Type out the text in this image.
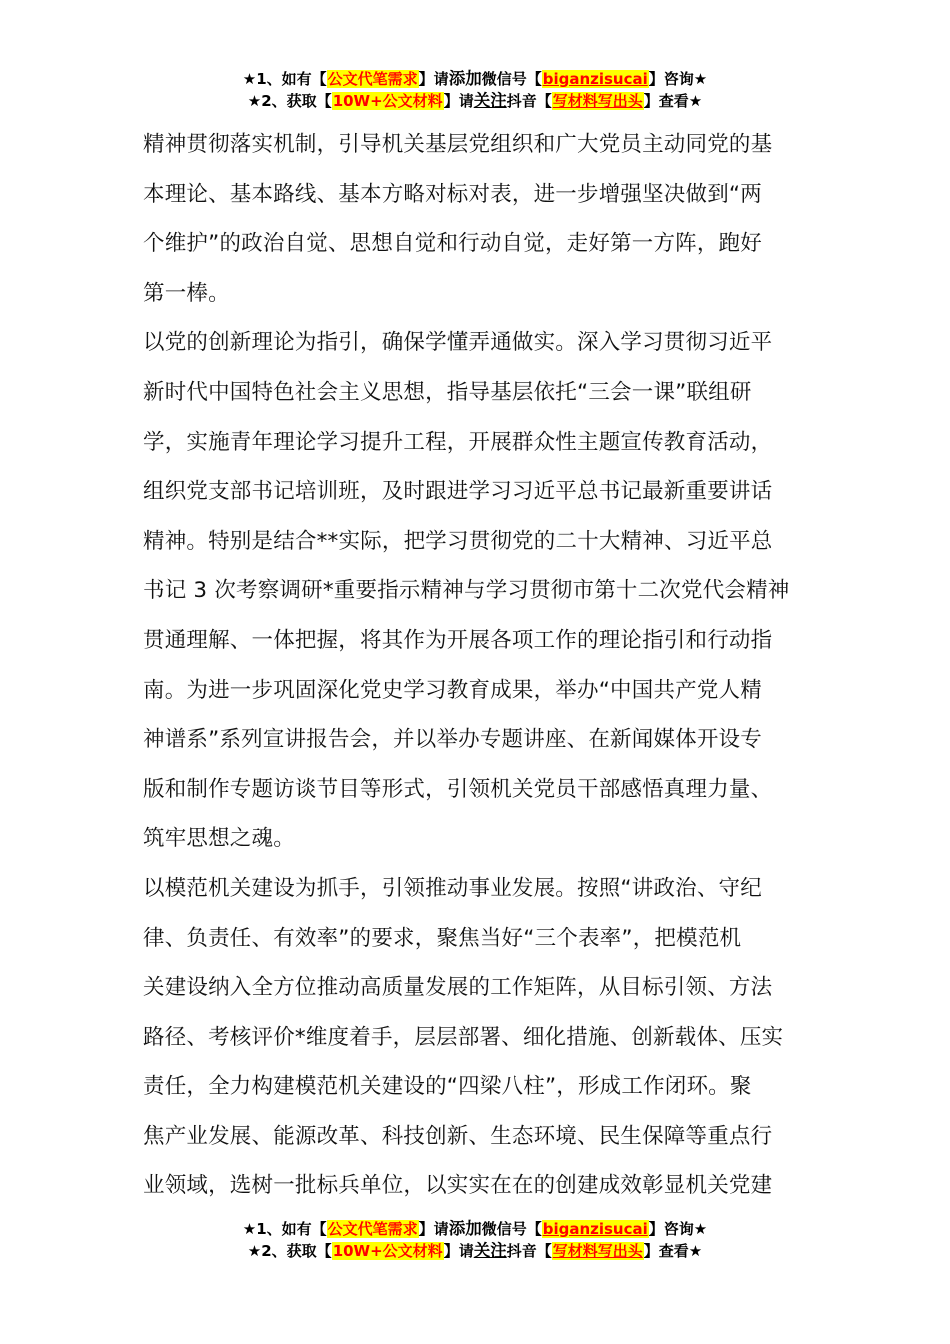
★1、如有【公文代笔需求】请添加微信号【biganzisucai】咨询★
★2、获取【10W+公文材料】请关注抖音【写材料写出头】查看★
精神贯彻落实机制，引导机关基层党组织和广大党员主动同党的基
本理论、基本路线、基本方略对标对表，进一步增强坚决做到“两
个维护”的政治自觉、思想自觉和行动自觉，走好第一方阵，跑好
第一棒。
以党的创新理论为指引，确保学懂弄通做实。深入学习贯彻习近平
新时代中国特色社会主义思想，指导基层依托“三会一课”联组研
学，实施青年理论学习提升工程，开展群众性主题宣传教育活动，
组织党支部书记培训班，及时跟进学习习近平总书记最新重要讲话
精神。特别是结合**实际，把学习贯彻党的二十大精神、习近平总
书记 3 次考察调研*重要指示精神与学习贯彻市第十二次党代会精神
贯通理解、一体把握，将其作为开展各项工作的理论指引和行动指
南。为进一步巩固深化党史学习教育成果，举办“中国共产党人精
神谱系”系列宣讲报告会，并以举办专题讲座、在新闻媒体开设专
版和制作专题访谈节目等形式，引领机关党员干部感悟真理力量、
筑牢思想之魂。
以模范机关建设为抓手，引领推动事业发展。按照“讲政治、守纪
律、负责任、有效率”的要求，聚焦当好“三个表率”，把模范机
关建设纳入全方位推动高质量发展的工作矩阵，从目标引领、方法
路径、考核评价*维度着手，层层部署、细化措施、创新载体、压实
责任，全力构建模范机关建设的“四梁八柱”，形成工作闭环。聚
焦产业发展、能源改革、科技创新、生态环境、民生保障等重点行
业领域，选树一批标兵单位，以实实在在的创建成效彰显机关党建
★1、如有【公文代笔需求】请添加微信号【biganzisucai】咨询★
★2、获取【10W+公文材料】请关注抖音【写材料写出头】查看★
